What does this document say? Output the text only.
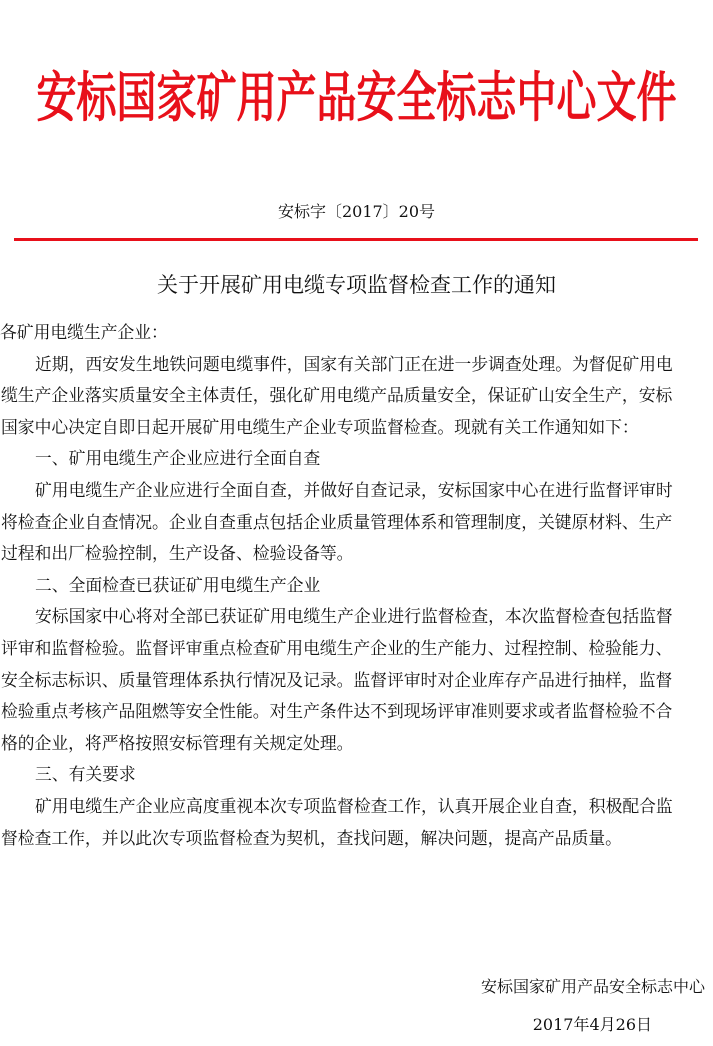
安标国家矿用产品安全标志中心文件
安标字〔2017〕20号
关于开展矿用电缆专项监督检查工作的通知
各矿用电缆生产企业：
近期，西安发生地铁问题电缆事件，国家有关部门正在进一步调查处理。为督促矿用电
缆生产企业落实质量安全主体责任，强化矿用电缆产品质量安全，保证矿山安全生产，安标
国家中心决定自即日起开展矿用电缆生产企业专项监督检查。现就有关工作通知如下：
一、矿用电缆生产企业应进行全面自查
矿用电缆生产企业应进行全面自查，并做好自查记录，安标国家中心在进行监督评审时
将检查企业自查情况。企业自查重点包括企业质量管理体系和管理制度，关键原材料、生产
过程和出厂检验控制，生产设备、检验设备等。
二、全面检查已获证矿用电缆生产企业
安标国家中心将对全部已获证矿用电缆生产企业进行监督检查，本次监督检查包括监督
评审和监督检验。监督评审重点检查矿用电缆生产企业的生产能力、过程控制、检验能力、
安全标志标识、质量管理体系执行情况及记录。监督评审时对企业库存产品进行抽样，监督
检验重点考核产品阻燃等安全性能。对生产条件达不到现场评审准则要求或者监督检验不合
格的企业，将严格按照安标管理有关规定处理。
三、有关要求
矿用电缆生产企业应高度重视本次专项监督检查工作，认真开展企业自查，积极配合监
督检查工作，并以此次专项监督检查为契机，查找问题，解决问题，提高产品质量。
安标国家矿用产品安全标志中心
2017年4月26日
